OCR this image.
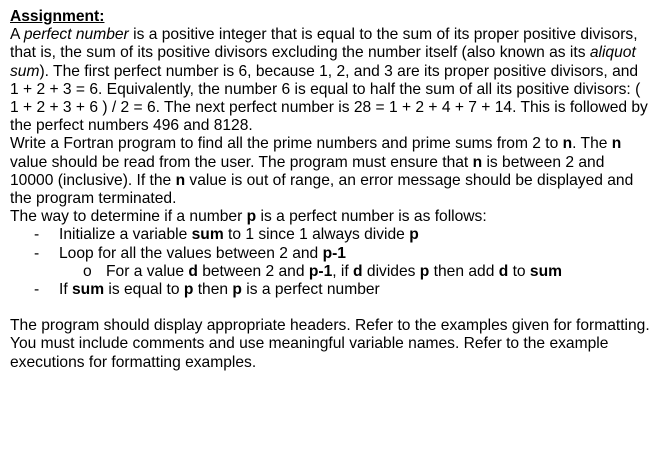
Assignment:

A perfect number is a positive integer that is equal to the sum of its proper positive divisors, that is, the sum of its positive divisors excluding the number itself (also known as its aliquot sum). The first perfect number is 6, because 1, 2, and 3 are its proper positive divisors, and 1 + 2 + 3 = 6. Equivalently, the number 6 is equal to half the sum of all its positive divisors: ( 1 + 2 + 3 + 6 ) / 2 = 6. The next perfect number is 28 = 1 + 2 + 4 + 7 + 14. This is followed by the perfect numbers 496 and 8128.

Write a Fortran program to find all the prime numbers and prime sums from 2 to n. The n value should be read from the user. The program must ensure that n is between 2 and 10000 (inclusive). If the n value is out of range, an error message should be displayed and the program terminated.

The way to determine if a number p is a perfect number is as follows:

- Initialize a variable sum to 1 since 1 always divide p
- Loop for all the values between 2 and p-1
o For a value d between 2 and p-1, if d divides p then add d to sum
- If sum is equal to p then p is a perfect number

The program should display appropriate headers. Refer to the examples given for formatting.

You must include comments and use meaningful variable names. Refer to the example executions for formatting examples.
